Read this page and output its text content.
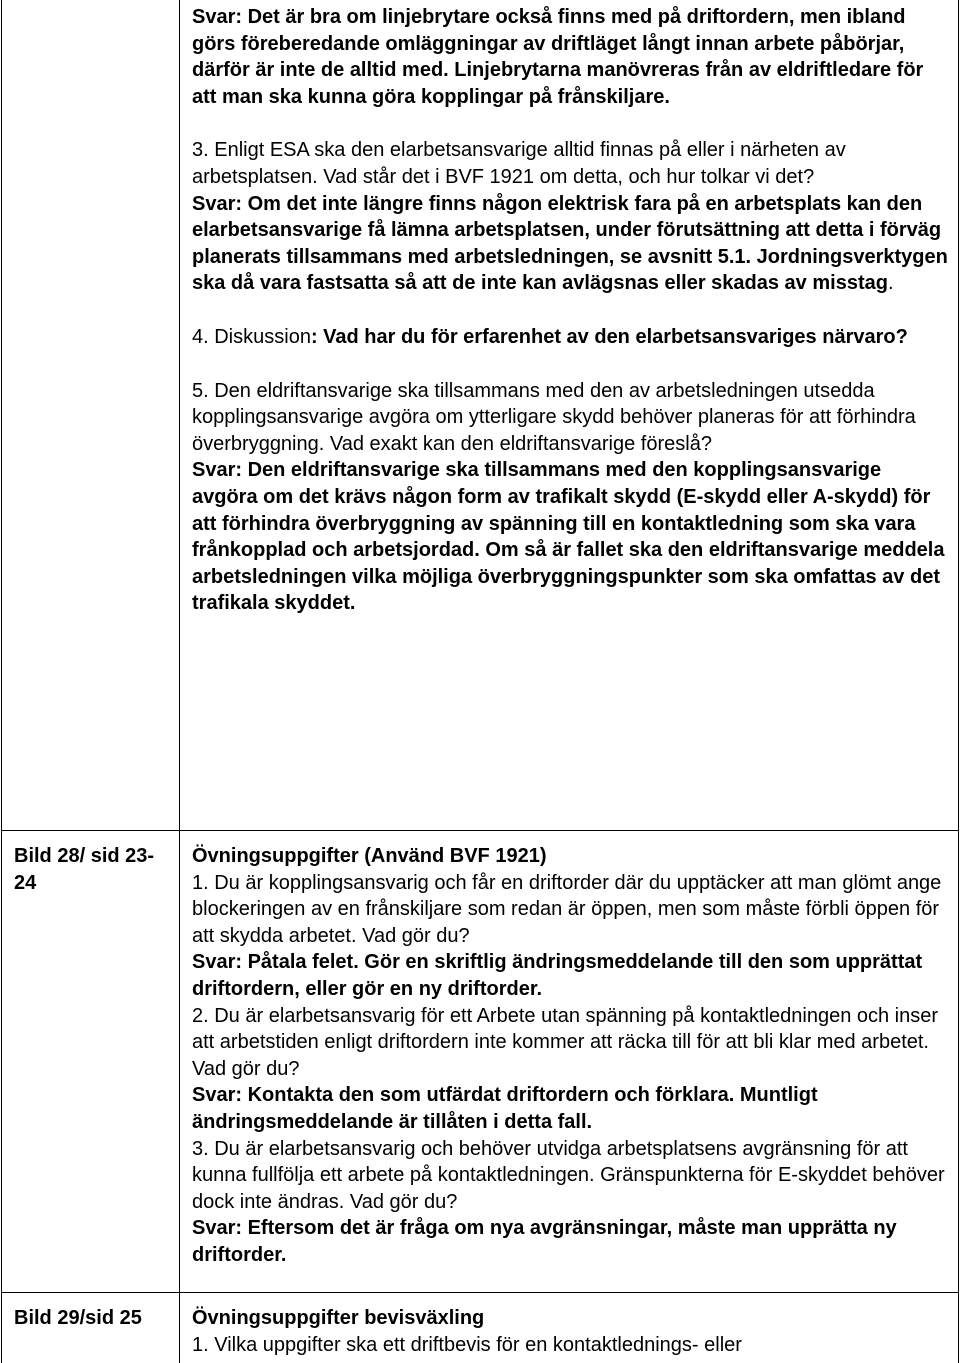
Svar: Det är bra om linjebrytare också finns med på driftordern, men ibland görs föreberedande omläggningar av driftläget långt innan arbete påbörjar, därför är inte de alltid med. Linjebrytarna manövreras från av eldriftledare för att man ska kunna göra kopplingar på frånskiljare.

3. Enligt ESA ska den elarbetsansvarige alltid finnas på eller i närheten av arbetsplatsen. Vad står det i BVF 1921 om detta, och hur tolkar vi det?

Svar: Om det inte längre finns någon elektrisk fara på en arbetsplats kan den elarbetsansvarige få lämna arbetsplatsen, under förutsättning att detta i förväg planerats tillsammans med arbetsledningen, se avsnitt 5.1. Jordningsverktygen ska då vara fastsatta så att de inte kan avlägsnas eller skadas av misstag.

4. Diskussion: Vad har du för erfarenhet av den elarbetsansvariges närvaro?

5. Den eldriftansvarige ska tillsammans med den av arbetsledningen utsedda kopplingsansvarige avgöra om ytterligare skydd behöver planeras för att förhindra överbryggning. Vad exakt kan den eldriftansvarige föreslå?

Svar: Den eldriftansvarige ska tillsammans med den kopplingsansvarige avgöra om det krävs någon form av trafikalt skydd (E-skydd eller A-skydd) för att förhindra överbryggning av spänning till en kontaktledning som ska vara frånkopplad och arbetsjordad. Om så är fallet ska den eldriftansvarige meddela arbetsledningen vilka möjliga överbryggningspunkter som ska omfattas av det trafikala skyddet.

Bild 28/ sid 23-24

Övningsuppgifter (Använd BVF 1921)

1. Du är kopplingsansvarig och får en driftorder där du upptäcker att man glömt ange blockeringen av en frånskiljare som redan är öppen, men som måste förbli öppen för att skydda arbetet. Vad gör du?

Svar: Påtala felet. Gör en skriftlig ändringsmeddelande till den som upprättat driftordern, eller gör en ny driftorder.

2. Du är elarbetsansvarig för ett Arbete utan spänning på kontaktledningen och inser att arbetstiden enligt driftordern inte kommer att räcka till för att bli klar med arbetet. Vad gör du?

Svar: Kontakta den som utfärdat driftordern och förklara. Muntligt ändringsmeddelande är tillåten i detta fall.

3. Du är elarbetsansvarig och behöver utvidga arbetsplatsens avgränsning för att kunna fullfölja ett arbete på kontaktledningen. Gränspunkterna för E-skyddet behöver dock inte ändras. Vad gör du?

Svar: Eftersom det är fråga om nya avgränsningar, måste man upprätta ny driftorder.

Bild 29/sid 25	Övningsuppgifter bevisväxling

1. Vilka uppgifter ska ett driftbevis för en kontaktlednings- eller
